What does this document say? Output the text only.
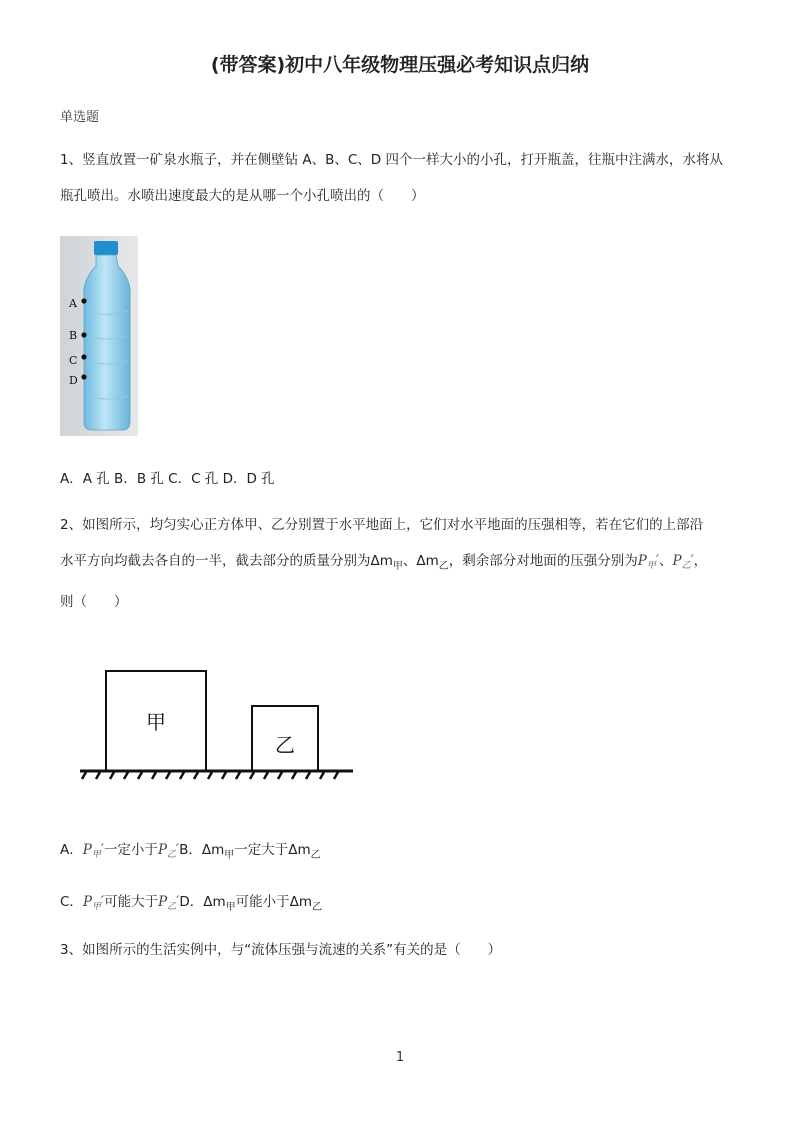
(带答案)初中八年级物理压强必考知识点归纳
单选题
1、竖直放置一矿泉水瓶子，并在侧壁钻 A、B、C、D 四个一样大小的小孔，打开瓶盖，往瓶中注满水，水将从
瓶孔喷出。水喷出速度最大的是从哪一个小孔喷出的（　　）
A
B
C
D
A．A 孔 B．B 孔 C．C 孔 D．D 孔
2、如图所示，均匀实心正方体甲、乙分别置于水平地面上，它们对水平地面的压强相等，若在它们的上部沿
水平方向均截去各自的一半，截去部分的质量分别为$\Delta m_甲$、$\Delta m_乙$，剩余部分对地面的压强分别为$P_甲'$、$P_乙'$，
则（　　）
甲
乙
A．$P_甲'$一定小于$P_乙'B$．$\Delta m_甲$一定大于$\Delta m_乙$
C．$P_甲'$可能大于$P_乙'D$．$\Delta m_甲$可能小于$\Delta m_乙$
3、如图所示的生活实例中，与“流体压强与流速的关系”有关的是（　　）
1
